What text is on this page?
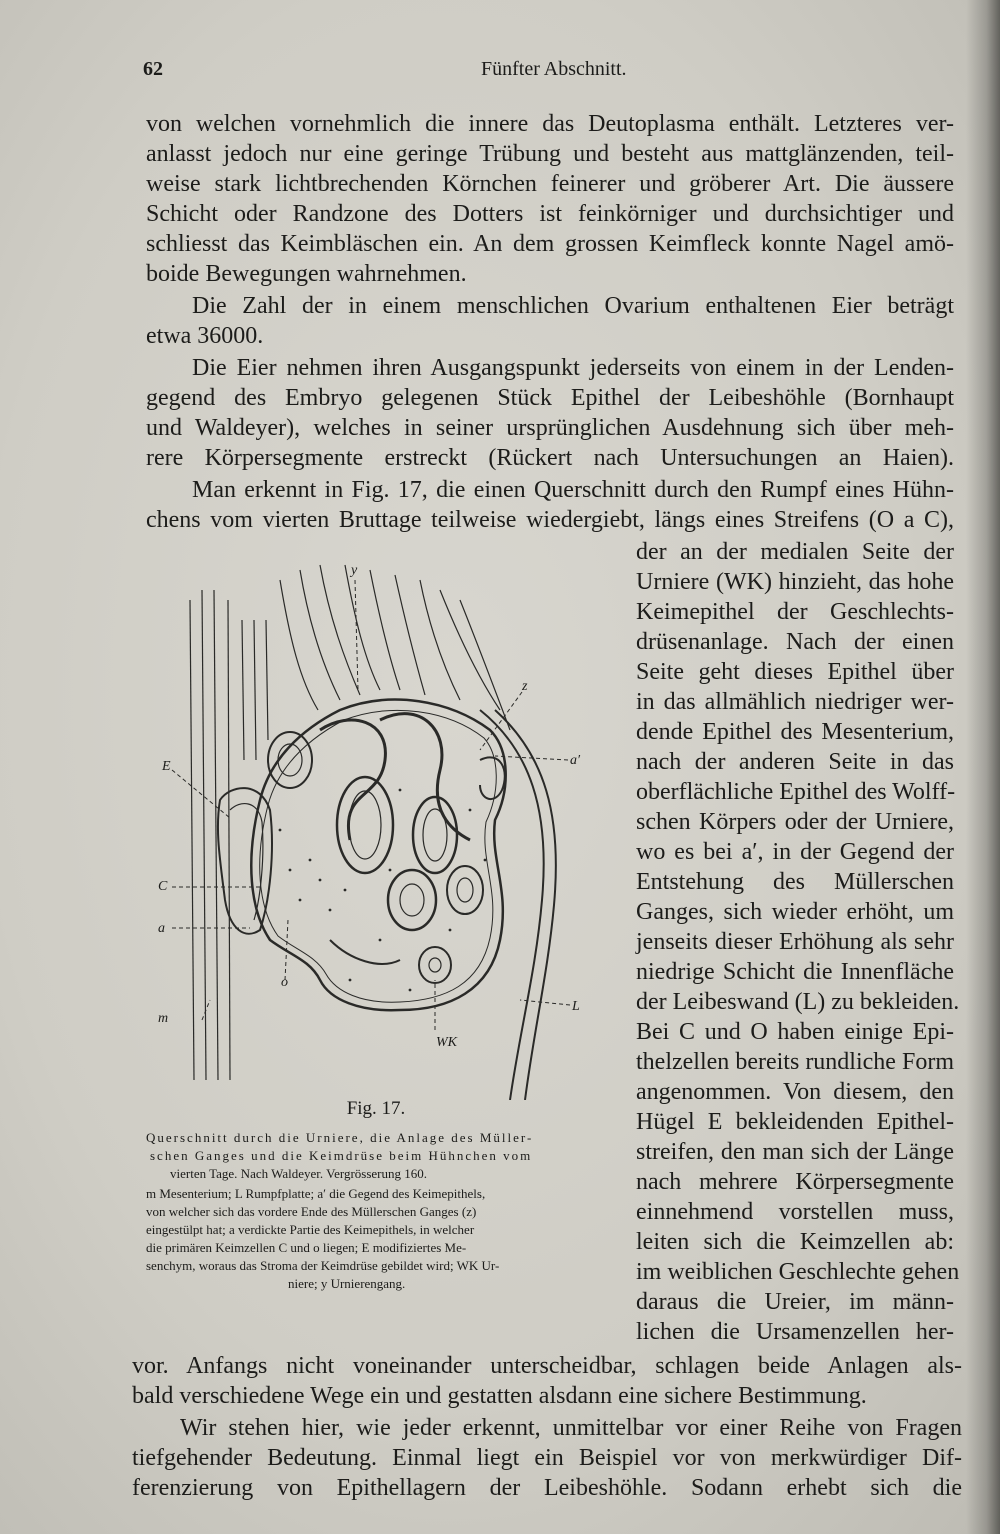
62	Fünfter Abschnitt.

von welchen vornehmlich die innere das Deutoplasma enthält. Letzteres ver-

anlasst jedoch nur eine geringe Trübung und besteht aus mattglänzenden, teil-

weise stark lichtbrechenden Körnchen feinerer und gröberer Art. Die äussere

Schicht oder Randzone des Dotters ist feinkörniger und durchsichtiger und

schliesst das Keimbläschen ein. An dem grossen Keimfleck konnte Nagel amö-

boide Bewegungen wahrnehmen.

Die Zahl der in einem menschlichen Ovarium enthaltenen Eier beträgt

etwa 36000.

Die Eier nehmen ihren Ausgangspunkt jederseits von einem in der Lenden-

gegend des Embryo gelegenen Stück Epithel der Leibeshöhle (Bornhaupt

und Waldeyer), welches in seiner ursprünglichen Ausdehnung sich über meh-

rere Körpersegmente erstreckt (Rückert nach Untersuchungen an Haien).

Man erkennt in Fig. 17, die einen Querschnitt durch den Rumpf eines Hühn-

chens vom vierten Bruttage teilweise wiedergiebt, längs eines Streifens (O a C),

der an der medialen Seite der

Urniere (WK) hinzieht, das hohe

Keimepithel der Geschlechts-

drüsenanlage. Nach der einen

Seite geht dieses Epithel über

in das allmählich niedriger wer-

dende Epithel des Mesenterium,

nach der anderen Seite in das

oberflächliche Epithel des Wolff-

schen Körpers oder der Urniere,

wo es bei a′, in der Gegend der

Entstehung des Müllerschen

Ganges, sich wieder erhöht, um

jenseits dieser Erhöhung als sehr

niedrige Schicht die Innenfläche

der Leibeswand (L) zu bekleiden.

Bei C und O haben einige Epi-

thelzellen bereits rundliche Form

angenommen. Von diesem, den

Hügel E bekleidenden Epithel-

streifen, den man sich der Länge

nach mehrere Körpersegmente

einnehmend vorstellen muss,

leiten sich die Keimzellen ab:

im weiblichen Geschlechte gehen

daraus die Ureier, im männ-

lichen die Ursamenzellen her-

vor. Anfangs nicht voneinander unterscheidbar, schlagen beide Anlagen als-

bald verschiedene Wege ein und gestatten alsdann eine sichere Bestimmung.

Wir stehen hier, wie jeder erkennt, unmittelbar vor einer Reihe von Fragen

tiefgehender Bedeutung. Einmal liegt ein Beispiel vor von merkwürdiger Dif-

ferenzierung von Epithellagern der Leibeshöhle. Sodann erhebt sich die

y
z
a′
E
C
a
o
m
L
WK
Fig. 17.
Querschnitt durch die Urniere, die Anlage des Müller-
schen Ganges und die Keimdrüse beim Hühnchen vom
vierten Tage. Nach Waldeyer. Vergrösserung 160.
m Mesenterium; L Rumpfplatte; a′ die Gegend des Keimepithels,
von welcher sich das vordere Ende des Müllerschen Ganges (z)
eingestülpt hat; a verdickte Partie des Keimepithels, in welcher
die primären Keimzellen C und o liegen; E modifiziertes Me-
senchym, woraus das Stroma der Keimdrüse gebildet wird; WK Ur-
niere; y Urnierengang.
